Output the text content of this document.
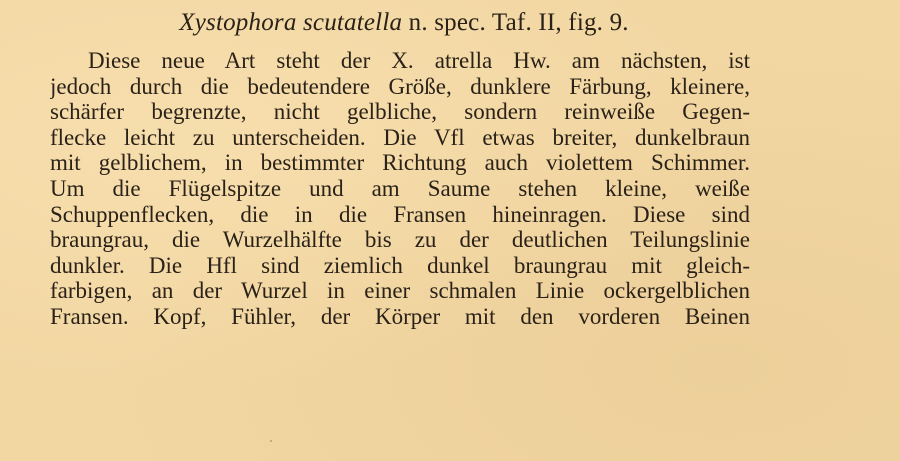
Xystophora scutatella n. spec. Taf. II, fig. 9.
Diese neue Art steht der X. atrella Hw. am nächsten, ist
jedoch durch die bedeutendere Größe, dunklere Färbung, kleinere,
schärfer begrenzte, nicht gelbliche, sondern reinweiße Gegen-
flecke leicht zu unterscheiden. Die Vfl etwas breiter, dunkelbraun
mit gelblichem, in bestimmter Richtung auch violettem Schimmer.
Um die Flügelspitze und am Saume stehen kleine, weiße
Schuppenflecken, die in die Fransen hineinragen. Diese sind
braungrau, die Wurzelhälfte bis zu der deutlichen Teilungslinie
dunkler. Die Hfl sind ziemlich dunkel braungrau mit gleich-
farbigen, an der Wurzel in einer schmalen Linie ockergelblichen
Fransen. Kopf, Fühler, der Körper mit den vorderen Beinen
